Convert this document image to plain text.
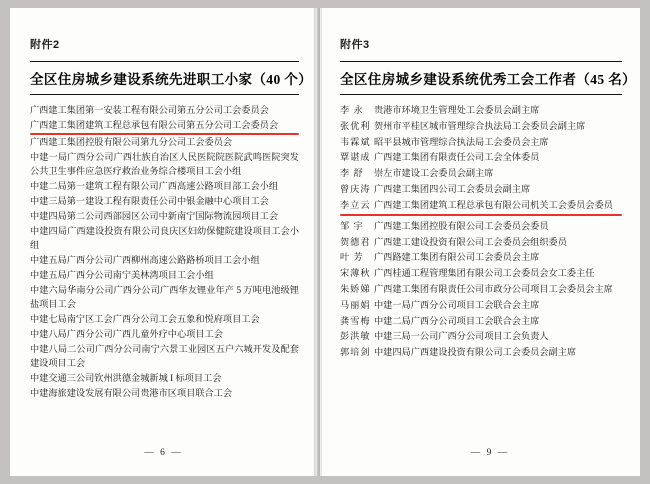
附件2
全区住房城乡建设系统先进职工小家（40 个）
广西建工集团第一安装工程有限公司第五分公司工会委员会
广西建工集团建筑工程总承包有限公司第五分公司工会委员会
广西建工集团控股有限公司第九分公司工会委员会
中建一局广西分公司广西壮族自治区人民医院院医院武鸣医院突发公共卫生事件应急医疗救治业务综合楼项目工会小组
中建二局第一建筑工程有限公司广西高速公路项目部工会小组
中建三局第一建设工程有限责任公司中银金融中心项目工会
中建四局第二公司西部园区公司中新南宁国际物流园项目工会
中建四局广西建设投资有限公司良庆区妇幼保健院建设项目工会小组
中建五局广西分公司广西柳州高速公路路桥项目工会小组
中建五局广西分公司南宁美林湾项目工会小组
中建六局华南分公司广西分公司广西华友锂业年产 5 万吨电池级锂盐项目工会
中建七局南宁区工会广西分公司工会五象和悦府项目工会
中建八局广西分公司广西儿童外疗中心项目工会
中建八局二公司广西分公司南宁六景工业园区五户六城开发及配套建设项目工会
中建交通三公司钦州洪德金城新城 I 标项目工会
中建海旅建设发展有限公司贵港市区项目联合工会
— 6 —
附件3
全区住房城乡建设系统优秀工会工作者（45 名）
李 永	贵港市环境卫生管理处工会委员会副主席
张优利 贺州市平桂区城市管理综合执法局工会委员会副主席
韦霖斌 昭平县城市管理综合执法局工会委员会主席
覃谌成 广西建工集团有限责任公司工会全体委员
李 舒	崇左市建设工会委员会副主席
曾庆涛 广西建工集团四公司工会委员会副主席
李立云 广西建工集团建筑工程总承包有限公司机关工会委员会委员
邹 宇	广西建工集团控股有限公司工会委员会委员
贺德君 广西建工建设投资有限公司工会委员会组织委员
叶 芳	广西路建工集团有限公司工会委员会主席
宋薄秋 广西桂通工程管理集团有限公司工会委员会女工委主任
朱娇娣 广西建工集团有限责任公司市政分公司项目工会委员会主席
马丽娟 中建一局广西分公司项目工会联合会主席
龚雪梅 中建二局广西分公司项目工会联合会主席
彭洪敏 中建三局一公司广西分公司项目工会负责人
郭培剑 中建四局广西建设投资有限公司工会委员会副主席
— 9 —
